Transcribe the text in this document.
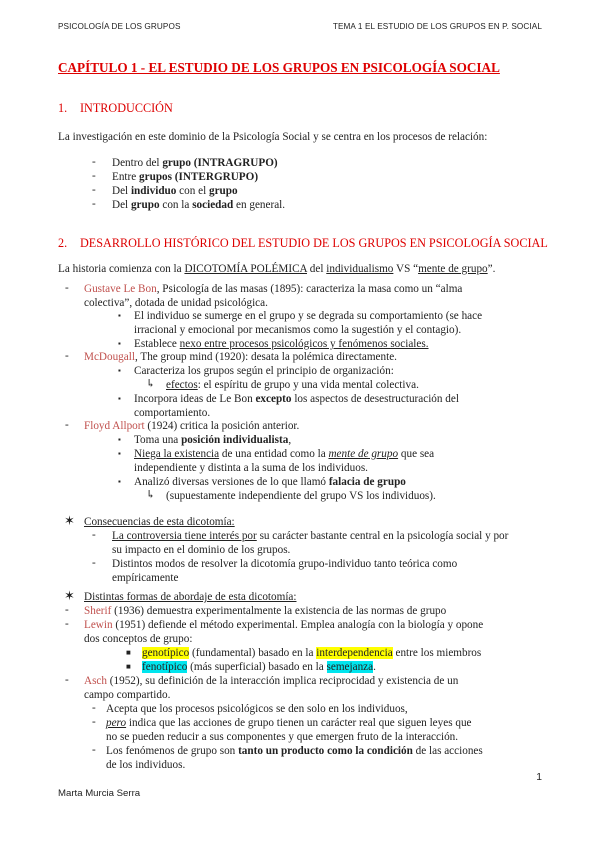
PSICOLOGÍA DE LOS GRUPOS	TEMA 1 EL ESTUDIO DE LOS GRUPOS EN P. SOCIAL
CAPÍTULO 1 - EL ESTUDIO DE LOS GRUPOS EN PSICOLOGÍA SOCIAL
1. INTRODUCCIÓN
La investigación en este dominio de la Psicología Social y se centra en los procesos de relación:
- Dentro del grupo (INTRAGRUPO)
- Entre grupos (INTERGRUPO)
- Del individuo con el grupo
- Del grupo con la sociedad en general.
2. DESARROLLO HISTÓRICO DEL ESTUDIO DE LOS GRUPOS EN PSICOLOGÍA SOCIAL
La historia comienza con la DICOTOMÍA POLÉMICA del individualismo VS “mente de grupo”.
- Gustave Le Bon, Psicología de las masas (1895): caracteriza la masa como un “alma
colectiva”, dotada de unidad psicológica.
▪ El individuo se sumerge en el grupo y se degrada su comportamiento (se hace
irracional y emocional por mecanismos como la sugestión y el contagio).
▪ Establece nexo entre procesos psicológicos y fenómenos sociales.
- McDougall, The group mind (1920): desata la polémica directamente.
▪ Caracteriza los grupos según el principio de organización:
↳ efectos: el espíritu de grupo y una vida mental colectiva.
▪ Incorpora ideas de Le Bon excepto los aspectos de desestructuración del
comportamiento.
- Floyd Allport (1924) critica la posición anterior.
▪ Toma una posición individualista,
▪ Niega la existencia de una entidad como la mente de grupo que sea
independiente y distinta a la suma de los individuos.
▪ Analizó diversas versiones de lo que llamó falacia de grupo
↳ (supuestamente independiente del grupo VS los individuos).
✶ Consecuencias de esta dicotomía:
- La controversia tiene interés por su carácter bastante central en la psicología social y por
su impacto en el dominio de los grupos.
- Distintos modos de resolver la dicotomía grupo-individuo tanto teórica como
empíricamente
✶ Distintas formas de abordaje de esta dicotomía:
- Sherif (1936) demuestra experimentalmente la existencia de las normas de grupo
- Lewin (1951) defiende el método experimental. Emplea analogía con la biología y opone
dos conceptos de grupo:
■ genotípico (fundamental) basado en la interdependencia entre los miembros
■ fenotípico (más superficial) basado en la semejanza.
- Asch (1952), su definición de la interacción implica reciprocidad y existencia de un
campo compartido.
- Acepta que los procesos psicológicos se den solo en los individuos,
- pero indica que las acciones de grupo tienen un carácter real que siguen leyes que
no se pueden reducir a sus componentes y que emergen fruto de la interacción.
- Los fenómenos de grupo son tanto un producto como la condición de las acciones
de los individuos.
1
Marta Murcia Serra
